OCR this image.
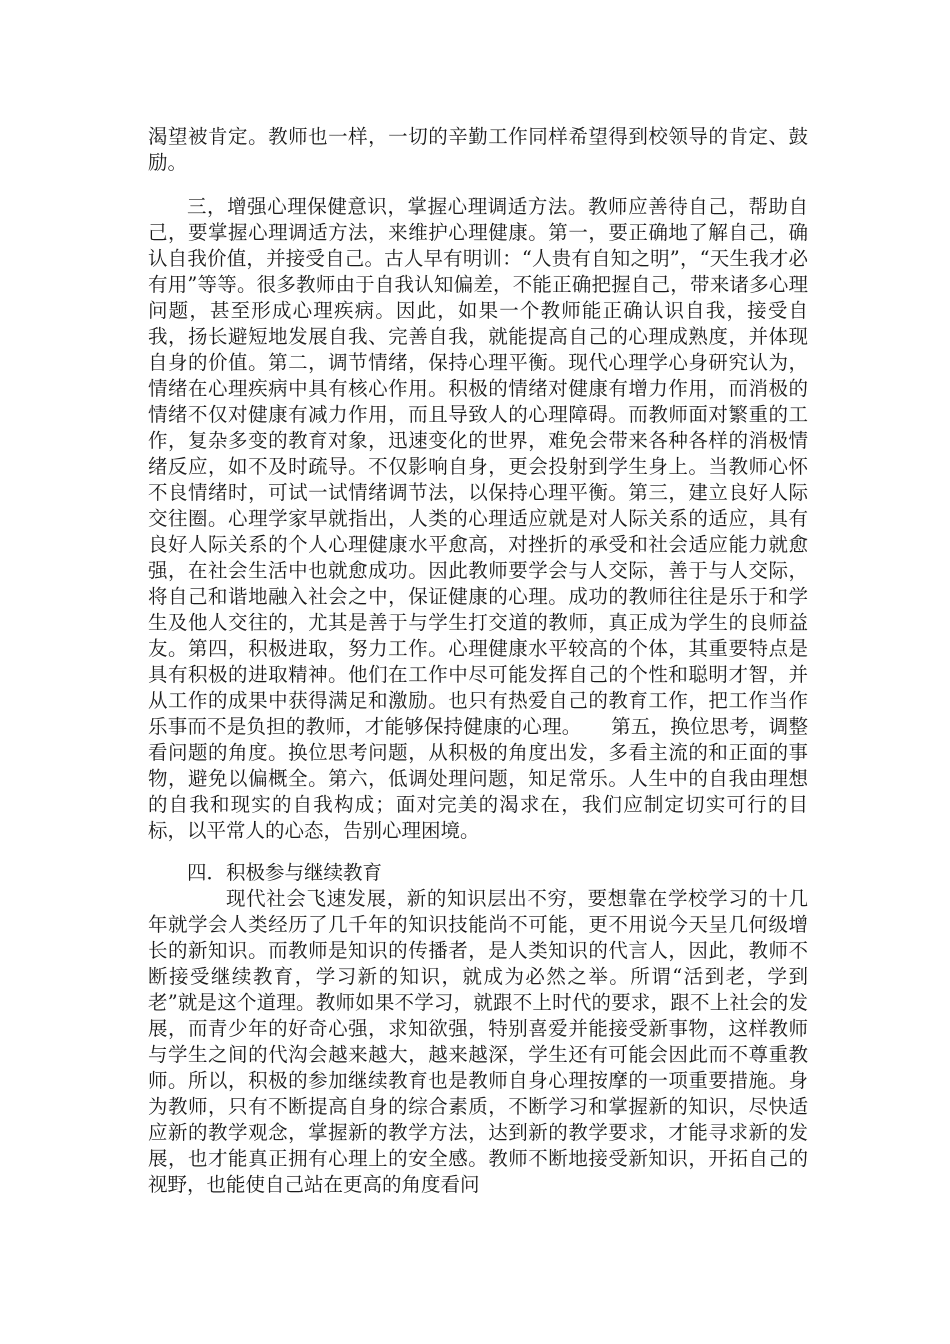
渴望被肯定。教师也一样，一切的辛勤工作同样希望得到校领导的肯定、鼓励。

三，增强心理保健意识，掌握心理调适方法。教师应善待自己，帮助自己，要掌握心理调适方法，来维护心理健康。第一，要正确地了解自己，确认自我价值，并接受自己。古人早有明训：“人贵有自知之明”，“天生我才必有用”等等。很多教师由于自我认知偏差，不能正确把握自己，带来诸多心理问题，甚至形成心理疾病。因此，如果一个教师能正确认识自我，接受自我，扬长避短地发展自我、完善自我，就能提高自己的心理成熟度，并体现自身的价值。第二，调节情绪，保持心理平衡。现代心理学心身研究认为，情绪在心理疾病中具有核心作用。积极的情绪对健康有增力作用，而消极的情绪不仅对健康有减力作用，而且导致人的心理障碍。而教师面对繁重的工作，复杂多变的教育对象，迅速变化的世界，难免会带来各种各样的消极情绪反应，如不及时疏导。不仅影响自身，更会投射到学生身上。当教师心怀不良情绪时，可试一试情绪调节法，以保持心理平衡。第三，建立良好人际交往圈。心理学家早就指出，人类的心理适应就是对人际关系的适应，具有良好人际关系的个人心理健康水平愈高，对挫折的承受和社会适应能力就愈强，在社会生活中也就愈成功。因此教师要学会与人交际，善于与人交际，将自己和谐地融入社会之中，保证健康的心理。成功的教师往往是乐于和学生及他人交往的，尤其是善于与学生打交道的教师，真正成为学生的良师益友。第四，积极进取，努力工作。心理健康水平较高的个体，其重要特点是具有积极的进取精神。他们在工作中尽可能发挥自己的个性和聪明才智，并从工作的成果中获得满足和激励。也只有热爱自己的教育工作，把工作当作乐事而不是负担的教师，才能够保持健康的心理。　　第五，换位思考，调整看问题的角度。换位思考问题，从积极的角度出发，多看主流的和正面的事物，避免以偏概全。第六，低调处理问题，知足常乐。人生中的自我由理想的自我和现实的自我构成；面对完美的渴求在，我们应制定切实可行的目标，以平常人的心态，告别心理困境。

四．积极参与继续教育

现代社会飞速发展，新的知识层出不穷，要想靠在学校学习的十几年就学会人类经历了几千年的知识技能尚不可能，更不用说今天呈几何级增长的新知识。而教师是知识的传播者，是人类知识的代言人，因此，教师不断接受继续教育，学习新的知识，就成为必然之举。所谓“活到老，学到老”就是这个道理。教师如果不学习，就跟不上时代的要求，跟不上社会的发展，而青少年的好奇心强，求知欲强，特别喜爱并能接受新事物，这样教师与学生之间的代沟会越来越大，越来越深，学生还有可能会因此而不尊重教师。所以，积极的参加继续教育也是教师自身心理按摩的一项重要措施。身为教师，只有不断提高自身的综合素质，不断学习和掌握新的知识，尽快适应新的教学观念，掌握新的教学方法，达到新的教学要求，才能寻求新的发展，也才能真正拥有心理上的安全感。教师不断地接受新知识，开拓自己的视野，也能使自己站在更高的角度看问
